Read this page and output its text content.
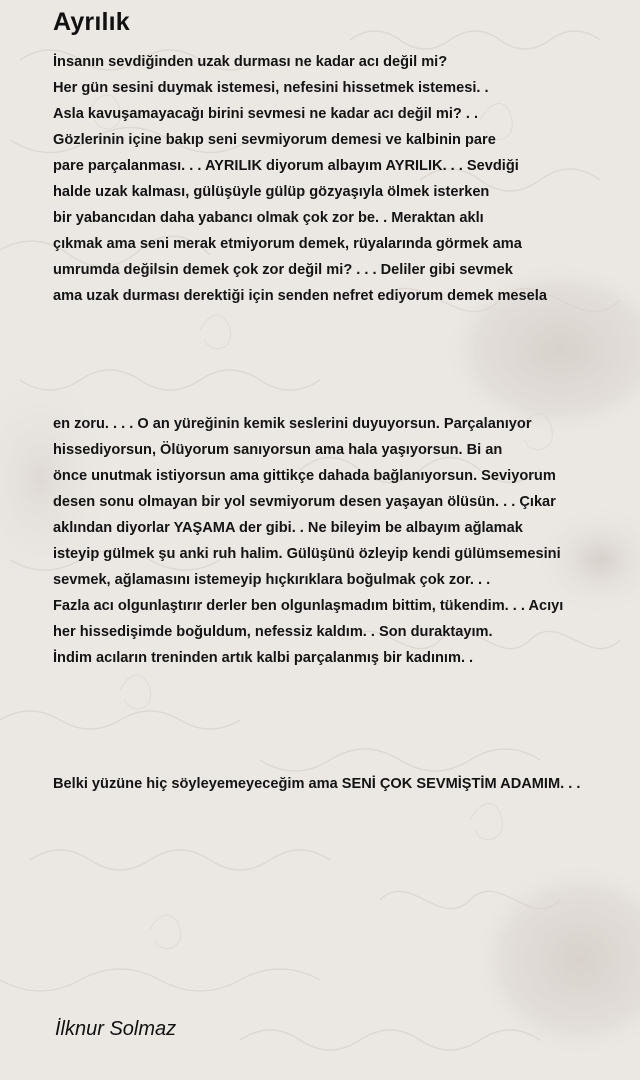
Ayrılık

İnsanın sevdiğinden uzak durması ne kadar acı değil mi?
Her gün sesini duymak istemesi, nefesini hissetmek istemesi. .
Asla kavuşamayacağı birini sevmesi ne kadar acı değil mi? . .
Gözlerinin içine bakıp seni sevmiyorum demesi ve kalbinin pare
pare parçalanması. . . AYRILIK diyorum albayım AYRILIK. . . Sevdiği
halde uzak kalması, gülüşüyle gülüp gözyaşıyla ölmek isterken
bir yabancıdan daha yabancı olmak çok zor be. . Meraktan aklı
çıkmak ama seni merak etmiyorum demek, rüyalarında görmek ama
umrumda değilsin demek çok zor değil mi? . . . Deliler gibi sevmek
ama uzak durması derektiği için senden nefret ediyorum demek mesela

en zoru. . . . O an yüreğinin kemik seslerini duyuyorsun. Parçalanıyor
hissediyorsun, Ölüyorum sanıyorsun ama hala yaşıyorsun. Bi an
önce unutmak istiyorsun ama gittikçe dahada bağlanıyorsun. Seviyorum
desen sonu olmayan bir yol sevmiyorum desen yaşayan ölüsün. . . Çıkar
aklından diyorlar YAŞAMA der gibi. . Ne bileyim be albayım ağlamak
isteyip gülmek şu anki ruh halim. Gülüşünü özleyip kendi gülümsemesini
sevmek, ağlamasını istemeyip hıçkırıklara boğulmak çok zor. . .
Fazla acı olgunlaştırır derler ben olgunlaşmadım bittim, tükendim. . . Acıyı
her hissedişimde boğuldum, nefessiz kaldım. . Son duraktayım.
İndim acıların treninden artık kalbi parçalanmış bir kadınım. .

Belki yüzüne hiç söyleyemeyeceğim ama SENİ ÇOK SEVMİŞTİM ADAMIM. . .

İlknur Solmaz
